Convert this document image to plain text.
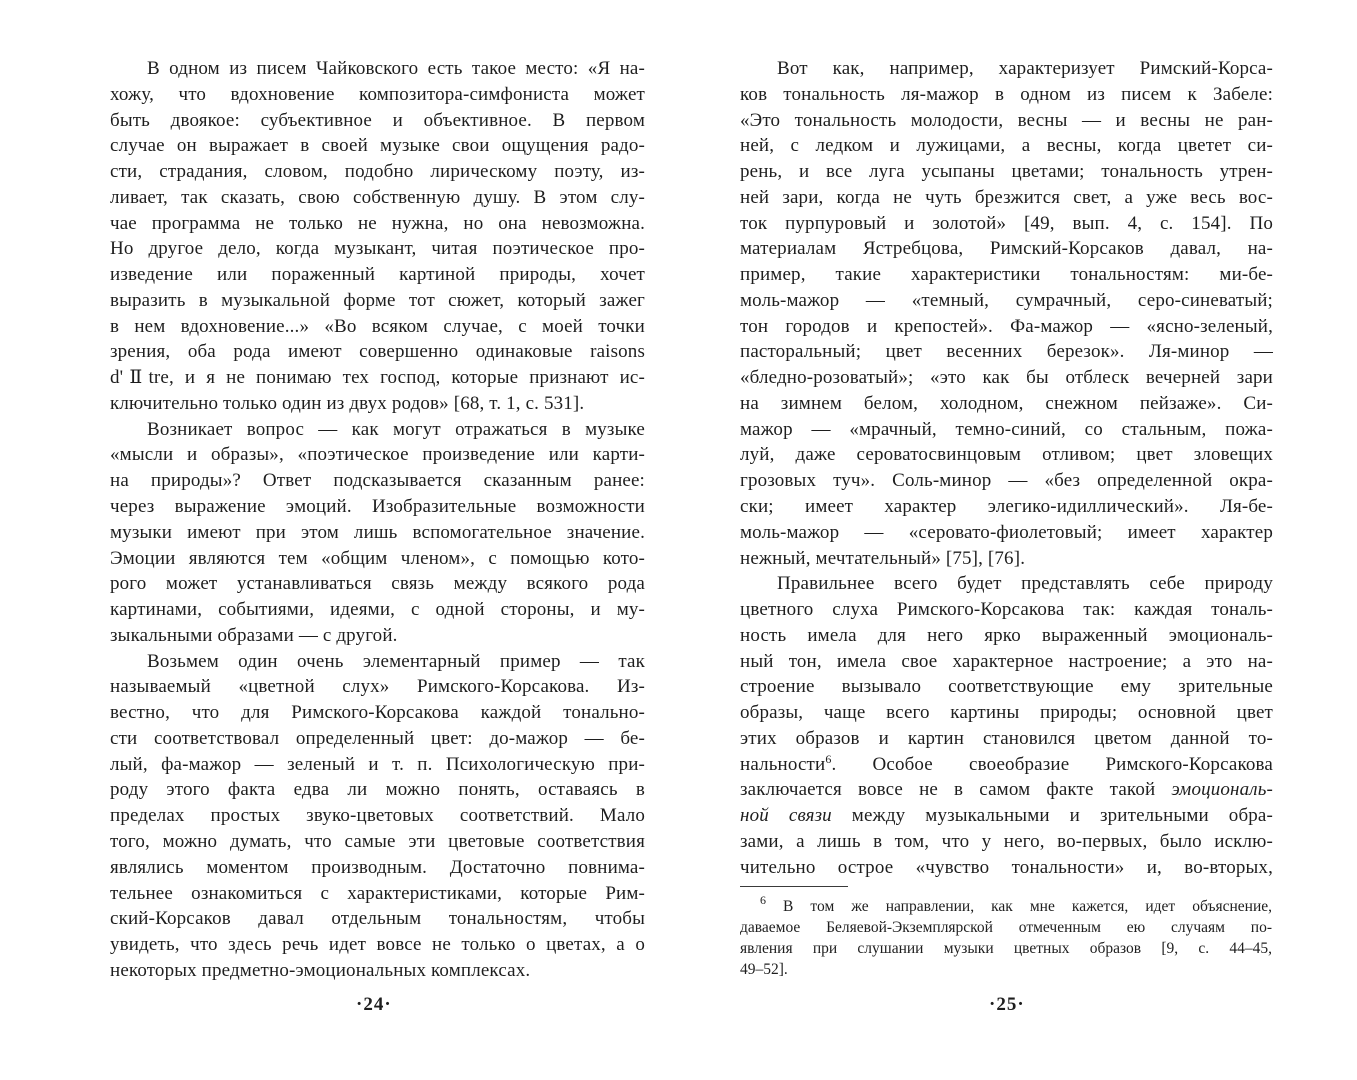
В одном из писем Чайковского есть такое место: «Я на-
хожу, что вдохновение композитора-симфониста может
быть двоякое: субъективное и объективное. В первом
случае он выражает в своей музыке свои ощущения радо-
сти, страдания, словом, подобно лирическому поэту, из-
ливает, так сказать, свою собственную душу. В этом слу-
чае программа не только не нужна, но она невозможна.
Но другое дело, когда музыкант, читая поэтическое про-
изведение или пораженный картиной природы, хочет
выразить в музыкальной форме тот сюжет, который зажег
в нем вдохновение...» «Во всяком случае, с моей точки
зрения, оба рода имеют совершенно одинаковые raisons
d'Ⅱtre, и я не понимаю тех господ, которые признают ис-
ключительно только один из двух родов» [68, т. 1, с. 531].
Возникает вопрос — как могут отражаться в музыке
«мысли и образы», «поэтическое произведение или карти-
на природы»? Ответ подсказывается сказанным ранее:
через выражение эмоций. Изобразительные возможности
музыки имеют при этом лишь вспомогательное значение.
Эмоции являются тем «общим членом», с помощью кото-
рого может устанавливаться связь между всякого рода
картинами, событиями, идеями, с одной стороны, и му-
зыкальными образами — с другой.
Возьмем один очень элементарный пример — так
называемый «цветной слух» Римского-Корсакова. Из-
вестно, что для Римского-Корсакова каждой тонально-
сти соответствовал определенный цвет: до-мажор — бе-
лый, фа-мажор — зеленый и т. п. Психологическую при-
роду этого факта едва ли можно понять, оставаясь в
пределах простых звуко-цветовых соответствий. Мало
того, можно думать, что самые эти цветовые соответствия
являлись моментом производным. Достаточно повнима-
тельнее ознакомиться с характеристиками, которые Рим-
ский-Корсаков давал отдельным тональностям, чтобы
увидеть, что здесь речь идет вовсе не только о цветах, а о
некоторых предметно-эмоциональных комплексах.
·24·
Вот как, например, характеризует Римский-Корса-
ков тональность ля-мажор в одном из писем к Забеле:
«Это тональность молодости, весны — и весны не ран-
ней, с ледком и лужицами, а весны, когда цветет си-
рень, и все луга усыпаны цветами; тональность утрен-
ней зари, когда не чуть брезжится свет, а уже весь вос-
ток пурпуровый и золотой» [49, вып. 4, с. 154]. По
материалам Ястребцова, Римский-Корсаков давал, на-
пример, такие характеристики тональностям: ми-бе-
моль-мажор — «темный, сумрачный, серо-синеватый;
тон городов и крепостей». Фа-мажор — «ясно-зеленый,
пасторальный; цвет весенних березок». Ля-минор —
«бледно-розоватый»; «это как бы отблеск вечерней зари
на зимнем белом, холодном, снежном пейзаже». Си-
мажор — «мрачный, темно-синий, со стальным, пожа-
луй, даже сероватосвинцовым отливом; цвет зловещих
грозовых туч». Соль-минор — «без определенной окра-
ски; имеет характер элегико-идиллический». Ля-бе-
моль-мажор — «серовато-фиолетовый; имеет характер
нежный, мечтательный» [75], [76].
Правильнее всего будет представлять себе природу
цветного слуха Римского-Корсакова так: каждая тональ-
ность имела для него ярко выраженный эмоциональ-
ный тон, имела свое характерное настроение; а это на-
строение вызывало соответствующие ему зрительные
образы, чаще всего картины природы; основной цвет
этих образов и картин становился цветом данной то-
нальности$^6$. Особое своеобразие Римского-Корсакова
заключается вовсе не в самом факте такой эмоциональ-
ной связи между музыкальными и зрительными обра-
зами, а лишь в том, что у него, во-первых, было исклю-
чительно острое «чувство тональности» и, во-вторых,
$^6$ В том же направлении, как мне кажется, идет объяснение,
даваемое Беляевой-Экземплярской отмеченным ею случаям по-
явления при слушании музыки цветных образов [9, с. 44–45,
49–52].
·25·
